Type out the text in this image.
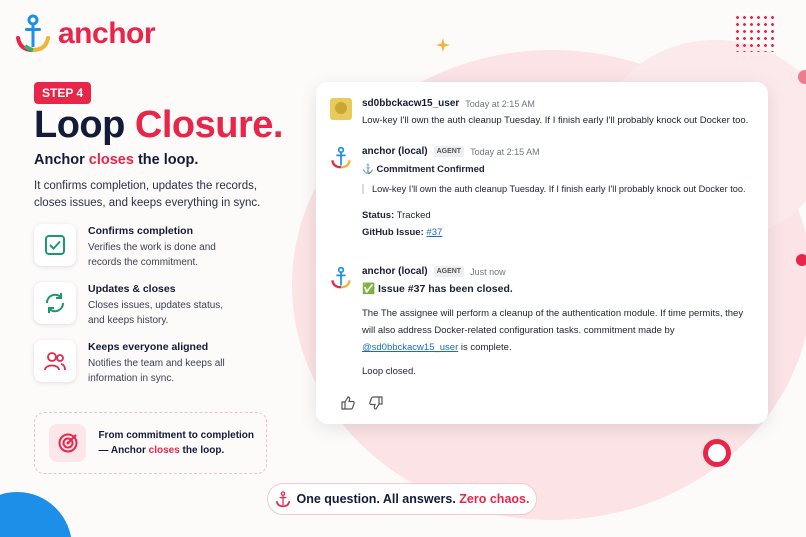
anchor
STEP 4
Loop Closure.
Anchor closes the loop.
It confirms completion, updates the records, closes issues, and keeps everything in sync.
Confirms completion
Verifies the work is done and records the commitment.
Updates & closes
Closes issues, updates status, and keeps history.
Keeps everyone aligned
Notifies the team and keeps all information in sync.
From commitment to completion — Anchor closes the loop.
sd0bbckacw15_user Today at 2:15 AM
Low-key I'll own the auth cleanup Tuesday. If I finish early I'll probably knock out Docker too.
anchor (local)	AGENT	Today at 2:15 AM
⚓ Commitment Confirmed
Low-key I'll own the auth cleanup Tuesday. If I finish early I'll probably knock out Docker too.
Status: Tracked
GitHub Issue: #37
anchor (local)	AGENT	Just now
✅ Issue #37 has been closed.
The The assignee will perform a cleanup of the authentication module. If time permits, they will also address Docker-related configuration tasks. commitment made by @sd0bbckacw15_user is complete.
Loop closed.
One question. All answers. Zero chaos.
